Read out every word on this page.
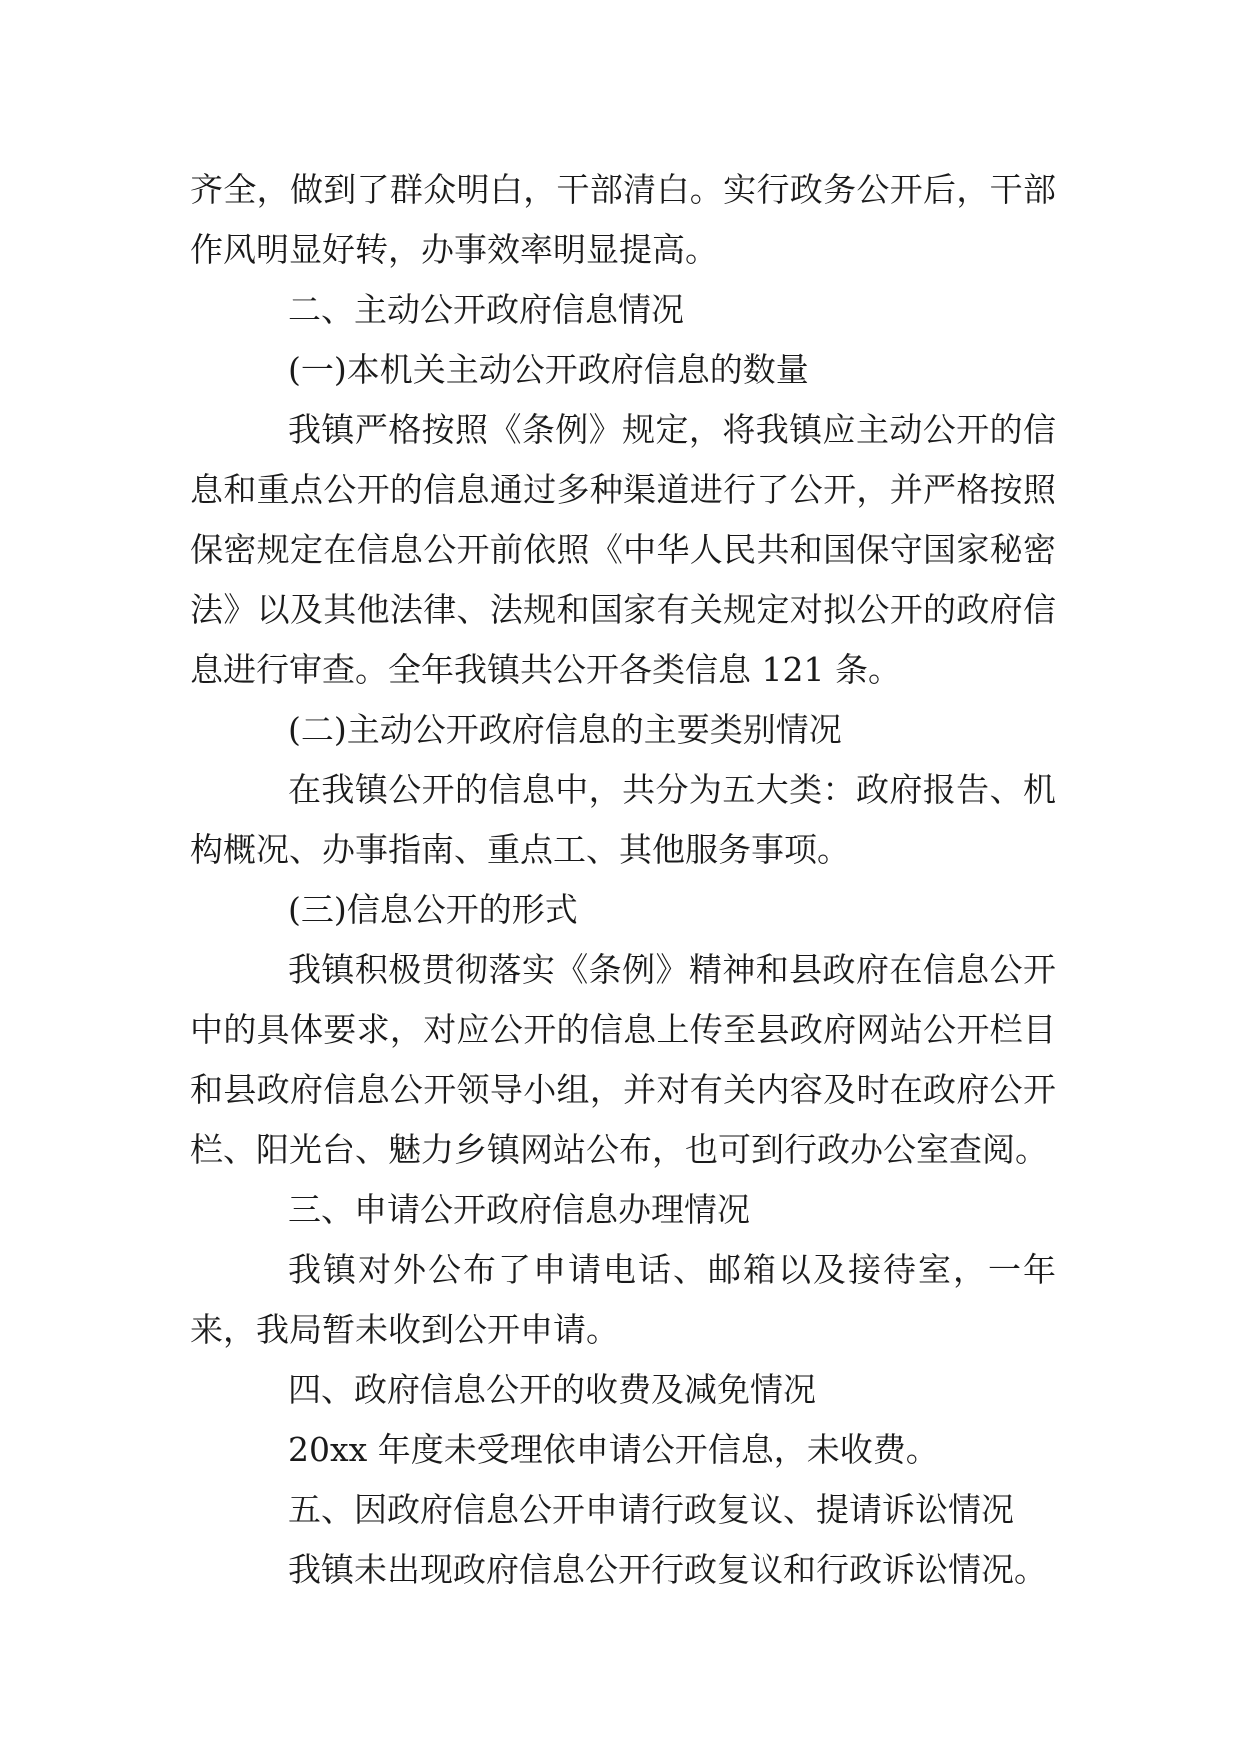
齐全，做到了群众明白，干部清白。实行政务公开后，干部作风明显好转，办事效率明显提高。

二、主动公开政府信息情况

(一)本机关主动公开政府信息的数量

我镇严格按照《条例》规定，将我镇应主动公开的信息和重点公开的信息通过多种渠道进行了公开，并严格按照保密规定在信息公开前依照《中华人民共和国保守国家秘密法》以及其他法律、法规和国家有关规定对拟公开的政府信息进行审查。全年我镇共公开各类信息 121 条。

(二)主动公开政府信息的主要类别情况

在我镇公开的信息中，共分为五大类：政府报告、机构概况、办事指南、重点工、其他服务事项。

(三)信息公开的形式

我镇积极贯彻落实《条例》精神和县政府在信息公开中的具体要求，对应公开的信息上传至县政府网站公开栏目和县政府信息公开领导小组，并对有关内容及时在政府公开栏、阳光台、魅力乡镇网站公布，也可到行政办公室查阅。

三、申请公开政府信息办理情况

我镇对外公布了申请电话、邮箱以及接待室，一年来，我局暂未收到公开申请。

四、政府信息公开的收费及减免情况

20xx 年度未受理依申请公开信息，未收费。

五、因政府信息公开申请行政复议、提请诉讼情况

我镇未出现政府信息公开行政复议和行政诉讼情况。
